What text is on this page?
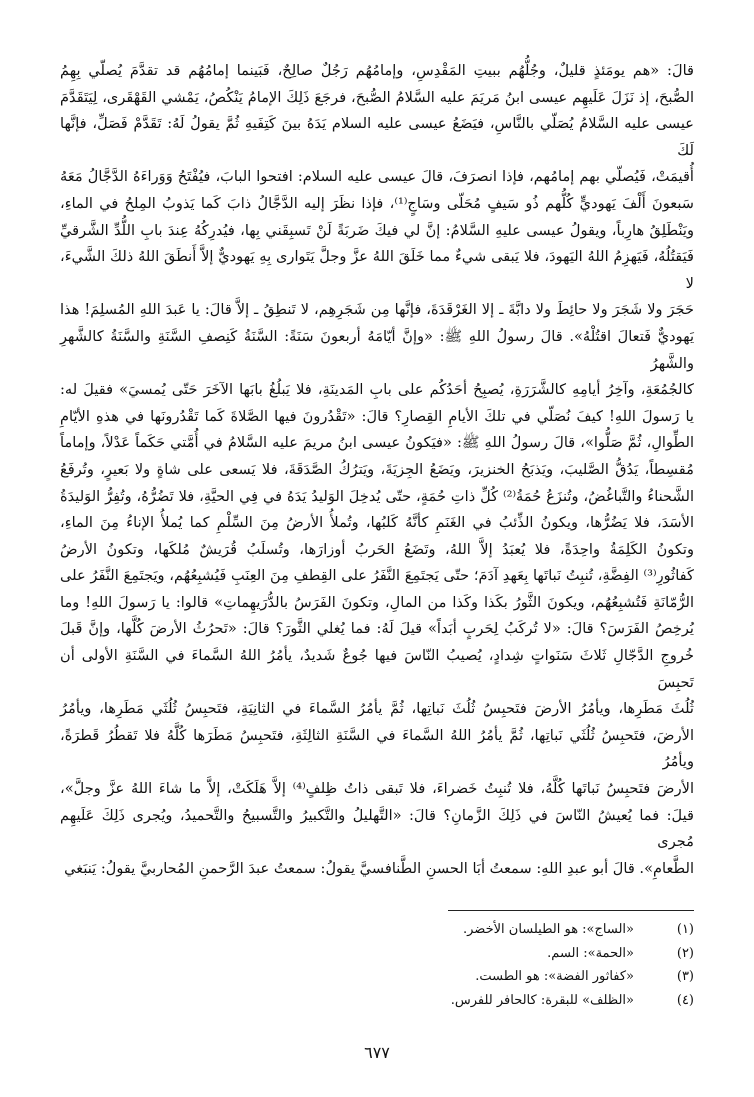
قالَ: «هم يومَئذٍ قليلٌ، وجُلُّهُم ببيتِ المَقْدِسِ، وإمامُهُم رَجُلٌ صالِحٌ، فَبَينما إمامُهُم قد تقدَّمَ يُصلّي بِهِمُ
الصُّبحَ، إذ نَزَلَ عَلَيهِم عيسى ابنُ مَريَمَ عليه السَّلامُ الصُّبحَ، فرجَعَ ذَلِكَ الإمامُ يَنْكُصُ، يَمْشي القَهْقَرى، لِيَتَقَدَّمَ
عيسى عليه السَّلامُ يُصَلّي بالنَّاسِ، فيَضَعُ عيسى عليه السلام يَدَهُ بينَ كَتِفَيهِ ثُمَّ يقولُ لَهُ: تَقَدَّمْ فَصَلِّ، فإنَّها لَكَ
أُقيمَتْ، فَيُصلّي بهم إمامُهم، فإذا انصرَفَ، قالَ عيسى عليه السلام: افتحوا البابَ، فيُفْتَحُ وَوَراءَهُ الدَّجَّالُ مَعَهُ
سَبعونَ أَلْفَ يَهوديٍّ كُلُّهم ذُو سَيفٍ مُحَلّى وسَاجٍ⁽¹⁾، فإذا نظَرَ إليه الدَّجَّالُ ذابَ كَما يَذوبُ المِلحُ في الماءِ،
ويَنْطَلِقُ هارِباً، ويقولُ عيسى عليهِ السَّلامُ: إنَّ لي فيكَ ضَربَةً لَنْ تَسبِقَني بِها، فيُدرِكُهُ عِندَ بابِ اللُّدِّ الشَّرقيِّ
فَيَقتُلُهُ، فَيَهزِمُ اللهُ اليَهودَ، فلا يَبقى شيءٌ مما خَلَقَ اللهُ عزَّ وجلَّ يَتَوارى بِهِ يَهوديٌّ إلاَّ أَنطَقَ اللهُ ذلكَ الشَّيءَ، لا
حَجَرَ ولا شَجَرَ ولا حائِطَ ولا دابَّةَ ـ إلا الغَرْقَدَةَ، فإنَّها مِن شَجَرِهِم، لا تَنطِقُ ـ إلاَّ قالَ: يا عَبدَ اللهِ المُسلِمَ! هذا
يَهوديٌّ فَتعالَ اقتُلْهُ». قالَ رسولُ اللهِ ﷺ: «وإنَّ أيّامَهُ أربعونَ سَنَةً: السَّنَةُ كَنِصفِ السَّنَةِ والسَّنَةُ كالشَّهرِ والشَّهرُ
كالجُمُعَةِ، وآخِرُ أيامِهِ كالشَّرَرَةِ، يُصبِحُ أحَدُكُم على بابِ المَدينَةِ، فلا يَبلُغُ بابَها الآخَرَ حَتّى يُمسيَ» فقيلَ له:
يا رَسولَ اللهِ! كيفَ نُصَلّي في تلكَ الأيامِ القِصارِ؟ قالَ: «تَقْدُرونَ فيها الصَّلاةَ كَما تَقْدُرونَها في هذهِ الأيّامِ
الطِّوالِ، ثُمَّ صَلُّوا»، قالَ رسولُ اللهِ ﷺ: «فيَكونُ عيسى ابنُ مريمَ عليه السَّلامُ في أُمَّتي حَكَماً عَدْلاً، وإماماً
مُقسِطاً، يَدُقُّ الصَّليبَ، ويَذبَحُ الخنزيرَ، ويَضَعُ الجِزيَةَ، ويَترُكُ الصَّدَقَةَ، فلا يَسعى على شاةٍ ولا بَعيرٍ، وتُرفَعُ
الشَّحناءُ والتَّباغُضُ، وتُنزَعُ حُمَةُ⁽²⁾ كُلِّ ذاتِ حُمَةٍ، حتّى يُدخِلَ الوَليدُ يَدَهُ في فِي الحيَّةِ، فلا تَضُرُّهُ، وتُفِرُّ الوَليدَةُ
الأسَدَ، فلا يَضُرُّها، ويكونُ الذِّئبُ في الغَنَمِ كأنَّهُ كَلبُها، وتُملأُ الأرضُ مِنَ السِّلْمِ كما يُملأُ الإناءُ مِنَ الماءِ،
وتكونُ الكَلِمَةُ واحِدَةً، فلا يُعبَدُ إلاَّ اللهُ، وتَضَعُ الحَربُ أوزارَها، وتُسلَبُ قُرَيشٌ مُلكَها، وتكونُ الأرضُ
كَفاثُورِ⁽³⁾ الفِضَّةِ، تُنبِتُ نَباتَها بِعَهدِ آدَمَ؛ حتّى يَجتَمِعَ النَّفَرُ على القِطفِ مِنَ العِنَبِ فَيُشبِعُهُم، ويَجتَمِعَ النَّفَرُ على
الرُّمّانَةِ فَتُشبِعُهُم، ويكونَ الثَّورُ بكَذا وكَذا من المالِ، وتكونَ الفَرَسُ بالدُّرَيهِماتِ» قالوا: يا رَسولَ اللهِ! وما
يُرخِصُ الفَرَسَ؟ قالَ: «لا تُركَبُ لِحَربٍ أبَداً» قيلَ لَهُ: فما يُغلي الثَّورَ؟ قالَ: «تَحرُثُ الأرضَ كُلَّها، وإنَّ قَبلَ
خُروجِ الدَّجّالِ ثَلاثَ سَنَواتٍ شِدادٍ، يُصيبُ النّاسَ فيها جُوعٌ شَديدٌ، يأمُرُ اللهُ السَّماءَ في السَّنَةِ الأولى أن تَحبِسَ
ثُلُثَ مَطَرِها، ويأمُرُ الأرضَ فتَحبِسُ ثُلُثَ نَباتِها، ثُمَّ يأمُرُ السَّماءَ في الثانِيَةِ، فتَحبِسُ ثُلُثَي مَطَرِها، ويأمُرُ
الأرضَ، فتَحبِسُ ثُلُثَي نَباتِها، ثُمَّ يأمُرُ اللهُ السَّماءَ في السَّنَةِ الثالِثَةِ، فتَحبِسُ مَطَرَها كُلَّهُ فلا تَقطُرُ قَطرَةً، ويأمُرُ
الأرضَ فتَحبِسُ نَباتَها كُلَّهُ، فلا تُنبِتُ خَضراءَ، فلا تَبقى ذاتُ ظِلفٍ⁽⁴⁾ إلاَّ هَلَكَتْ، إلاَّ ما شاءَ اللهُ عزَّ وجلَّ»،
قيلَ: فما يُعيشُ النّاسَ في ذَلِكَ الزَّمانِ؟ قالَ: «التَّهليلُ والتَّكبيرُ والتَّسبيحُ والتَّحميدُ، ويُجرى ذَلِكَ عَلَيهِم مُجرى
الطَّعامِ». قالَ أبو عبدِ اللهِ: سمعتُ أبَا الحسنِ الطَّنافسيَّ يقولُ: سمعتُ عبدَ الرَّحمنِ المُحاربيَّ يقولُ: يَنبَغي
(١)«الساج»: هو الطيلسان الأخضر.
(٢)«الحمة»: السم.
(٣)«كفاثور الفضة»: هو الطست.
(٤)«الظلف» للبقرة: كالحافر للفرس.
٦٧٧
